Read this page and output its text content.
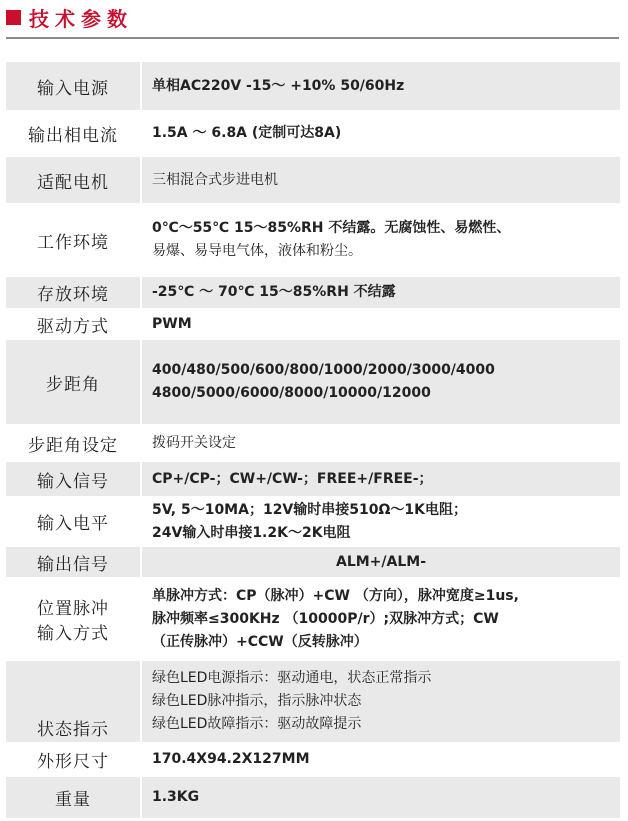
技术参数
输入电源	单相AC220V -15～ +10% 50/60Hz
输出相电流	1.5A ～ 6.8A (定制可达8A)
适配电机	三相混合式步进电机
工作环境	0℃～55℃ 15～85%RH 不结露。无腐蚀性、易燃性、
易爆、易导电气体，液体和粉尘。

存放环境	-25℃ ～ 70℃ 15～85%RH 不结露
驱动方式	PWM
步距角	400/480/500/600/800/1000/2000/3000/4000
4800/5000/6000/8000/10000/12000

步距角设定	拨码开关设定
输入信号	CP+/CP-；CW+/CW-；FREE+/FREE-；
输入电平	5V, 5～10MA；12V输时串接510Ω～1K电阻；
24V输入时串接1.2K～2K电阻

输出信号	ALM+/ALM-

位置脉冲
输入方式	单脉冲方式：CP（脉冲）+CW （方向），脉冲宽度≥1us,
脉冲频率≤300KHz （10000P/r）;双脉冲方式；CW
（正传脉冲）+CCW（反转脉冲）

状态指示	绿色LED电源指示：驱动通电，状态正常指示
绿色LED脉冲指示，指示脉冲状态
绿色LED故障指示：驱动故障提示

外形尺寸	170.4X94.2X127MM
重量	1.3KG
